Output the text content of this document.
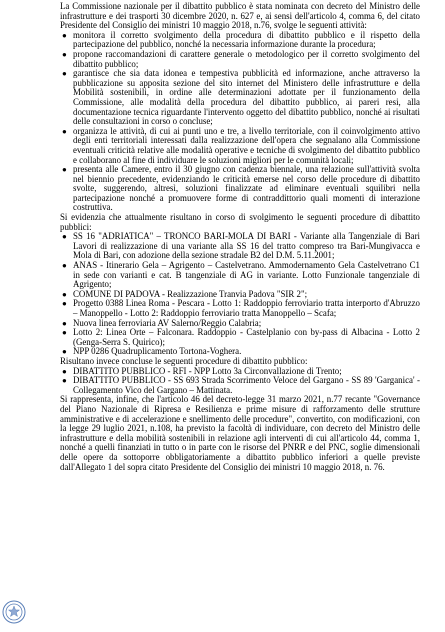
La Commissione nazionale per il dibattito pubblico è stata nominata con decreto del Ministro delle infrastrutture e dei trasporti 30 dicembre 2020, n. 627 e, ai sensi dell'articolo 4, comma 6, del citato Presidente del Consiglio dei ministri 10 maggio 2018, n.76, svolge le seguenti attività:

● monitora il corretto svolgimento della procedura di dibattito pubblico e il rispetto della partecipazione del pubblico, nonché la necessaria informazione durante la procedura;
● propone raccomandazioni di carattere generale o metodologico per il corretto svolgimento del dibattito pubblico;
● garantisce che sia data idonea e tempestiva pubblicità ed informazione, anche attraverso la pubblicazione su apposita sezione del sito internet del Ministero delle infrastrutture e della Mobilità sostenibili, in ordine alle determinazioni adottate per il funzionamento della Commissione, alle modalità della procedura del dibattito pubblico, ai pareri resi, alla documentazione tecnica riguardante l'intervento oggetto del dibattito pubblico, nonché ai risultati delle consultazioni in corso o concluse;
● organizza le attività, di cui ai punti uno e tre, a livello territoriale, con il coinvolgimento attivo degli enti territoriali interessati dalla realizzazione dell'opera che segnalano alla Commissione eventuali criticità relative alle modalità operative e tecniche di svolgimento del dibattito pubblico e collaborano al fine di individuare le soluzioni migliori per le comunità locali;
● presenta alle Camere, entro il 30 giugno con cadenza biennale, una relazione sull'attività svolta nel biennio precedente, evidenziando le criticità emerse nel corso delle procedure di dibattito svolte, suggerendo, altresì, soluzioni finalizzate ad eliminare eventuali squilibri nella partecipazione nonché a promuovere forme di contraddittorio quali momenti di interazione costruttiva.

Si evidenzia che attualmente risultano in corso di svolgimento le seguenti procedure di dibattito pubblici:

● SS 16 "ADRIATICA" – TRONCO BARI-MOLA DI BARI - Variante alla Tangenziale di Bari Lavori di realizzazione di una variante alla SS 16 del tratto compreso tra Bari-Mungivacca e Mola di Bari, con adozione della sezione stradale B2 del D.M. 5.11.2001;
● ANAS - Itinerario Gela – Agrigento – Castelvetrano. Ammodernamento Gela Castelvetrano C1 in sede con varianti e cat. B tangenziale di AG in variante. Lotto Funzionale tangenziale di Agrigento;
● COMUNE DI PADOVA - Realizzazione Tranvia Padova "SIR 2";
● Progetto 0388 Linea Roma - Pescara - Lotto 1: Raddoppio ferroviario tratta interporto d'Abruzzo – Manoppello - Lotto 2: Raddoppio ferroviario tratta Manoppello – Scafa;
● Nuova linea ferroviaria AV Salerno/Reggio Calabria;
● Lotto 2: Linea Orte – Falconara. Raddoppio - Castelplanio con by-pass di Albacina - Lotto 2 (Genga-Serra S. Quirico);
● NPP 0286 Quadruplicamento Tortona-Voghera.

Risultano invece concluse le seguenti procedure di dibattito pubblico:

● DIBATTITO PUBBLICO - RFI - NPP Lotto 3a Circonvallazione di Trento;
● DIBATTITO PUBBLICO - SS 693 Strada Scorrimento Veloce del Gargano - SS 89 'Garganica' - Collegamento Vico del Gargano – Mattinata.

Si rappresenta, infine, che l'articolo 46 del decreto-legge 31 marzo 2021, n.77 recante "Governance del Piano Nazionale di Ripresa e Resilienza e prime misure di rafforzamento delle strutture amministrative e di accelerazione e snellimento delle procedure", convertito, con modificazioni, con la legge 29 luglio 2021, n.108, ha previsto la facoltà di individuare, con decreto del Ministro delle infrastrutture e della mobilità sostenibili in relazione agli interventi di cui all'articolo 44, comma 1, nonché a quelli finanziati in tutto o in parte con le risorse del PNRR e del PNC, soglie dimensionali delle opere da sottoporre obbligatoriamente a dibattito pubblico inferiori a quelle previste dall'Allegato 1 del sopra citato Presidente del Consiglio dei ministri 10 maggio 2018, n. 76.
